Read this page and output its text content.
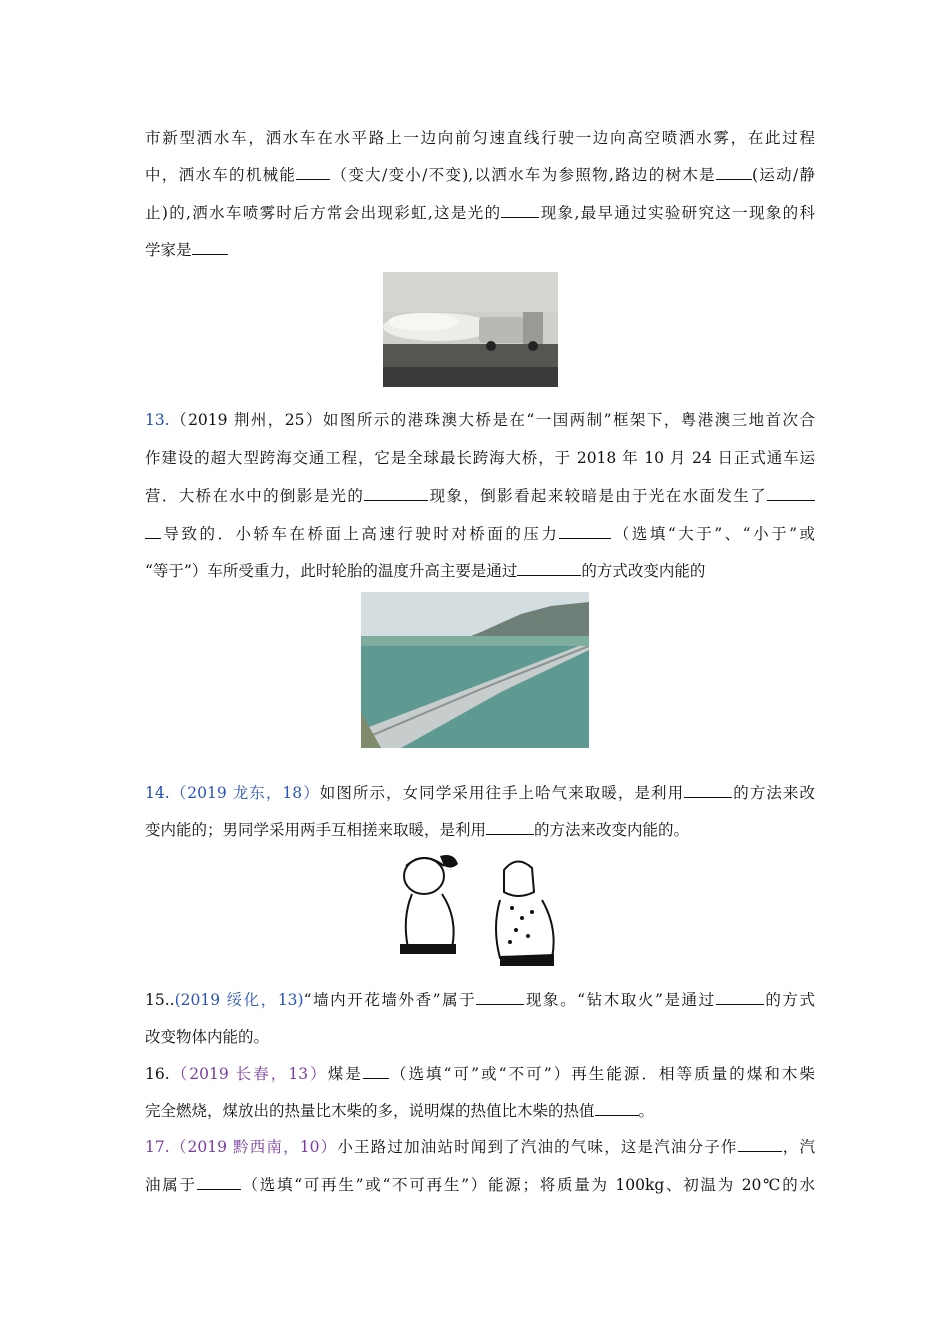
市新型洒水车，洒水车在水平路上一边向前匀速直线行驶一边向高空喷洒水雾，在此过程
中，洒水车的机械能 （变大/变小/不变),以洒水车为参照物,路边的树木是 (运动/静
止)的,洒水车喷雾时后方常会出现彩虹,这是光的 现象,最早通过实验研究这一现象的科
学家是
13.（2019 荆州，25）如图所示的港珠澳大桥是在“一国两制”框架下，粤港澳三地首次合
作建设的超大型跨海交通工程，它是全球最长跨海大桥，于 2018 年 10 月 24 日正式通车运
营．大桥在水中的倒影是光的	现象，倒影看起来较暗是由于光在水面发生了
导致的．小轿车在桥面上高速行驶时对桥面的压力	（选填“大于”、“小于”或
“等于”）车所受重力，此时轮胎的温度升高主要是通过	的方式改变内能的
14.（2019 龙东，18）如图所示，女同学采用往手上哈气来取暖，是利用	的方法来改
变内能的；男同学采用两手互相搓来取暖，是利用	的方法来改变内能的。
15..(2019 绥化，13)“墙内开花墙外香”属于	现象。“钻木取火”是通过	的方式
改变物体内能的。
16.（2019 长春，13）煤是 （选填“可”或“不可”）再生能源．相等质量的煤和木柴
完全燃烧，煤放出的热量比木柴的多，说明煤的热值比木柴的热值	。
17.（2019 黔西南，10）小王路过加油站时闻到了汽油的气味，这是汽油分子作	，汽
油属于	（选填“可再生”或“不可再生”）能源；将质量为 100kg、初温为 20℃的水
